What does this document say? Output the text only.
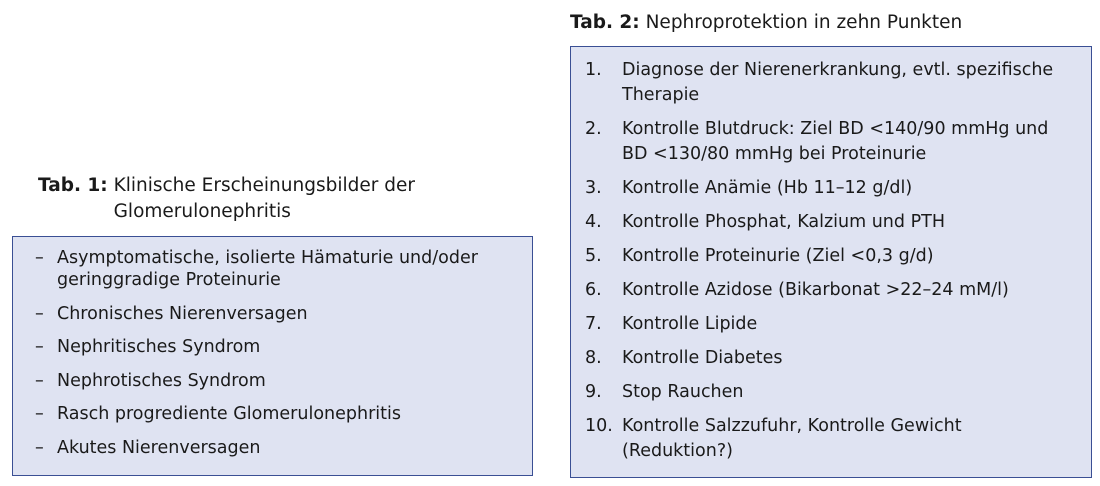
Tab. 1: Klinische Erscheinungsbilder der
Glomerulonephritis
– Asymptomatische, isolierte Hämaturie und/oder geringgradige Proteinurie
– Chronisches Nierenversagen
– Nephritisches Syndrom
– Nephrotisches Syndrom
– Rasch progrediente Glomerulonephritis
– Akutes Nierenversagen
Tab. 2: Nephroprotektion in zehn Punkten
1.	Diagnose der Nierenerkrankung, evtl. spezifische Therapie
2.	Kontrolle Blutdruck: Ziel BD <140/90 mmHg und BD <130/80 mmHg bei Proteinurie
3.	Kontrolle Anämie (Hb 11–12 g/dl)
4.	Kontrolle Phosphat, Kalzium und PTH
5.	Kontrolle Proteinurie (Ziel <0,3 g/d)
6.	Kontrolle Azidose (Bikarbonat >22–24 mM/l)
7.	Kontrolle Lipide
8.	Kontrolle Diabetes
9.	Stop Rauchen
10. Kontrolle Salzzufuhr, Kontrolle Gewicht (Reduktion?)
